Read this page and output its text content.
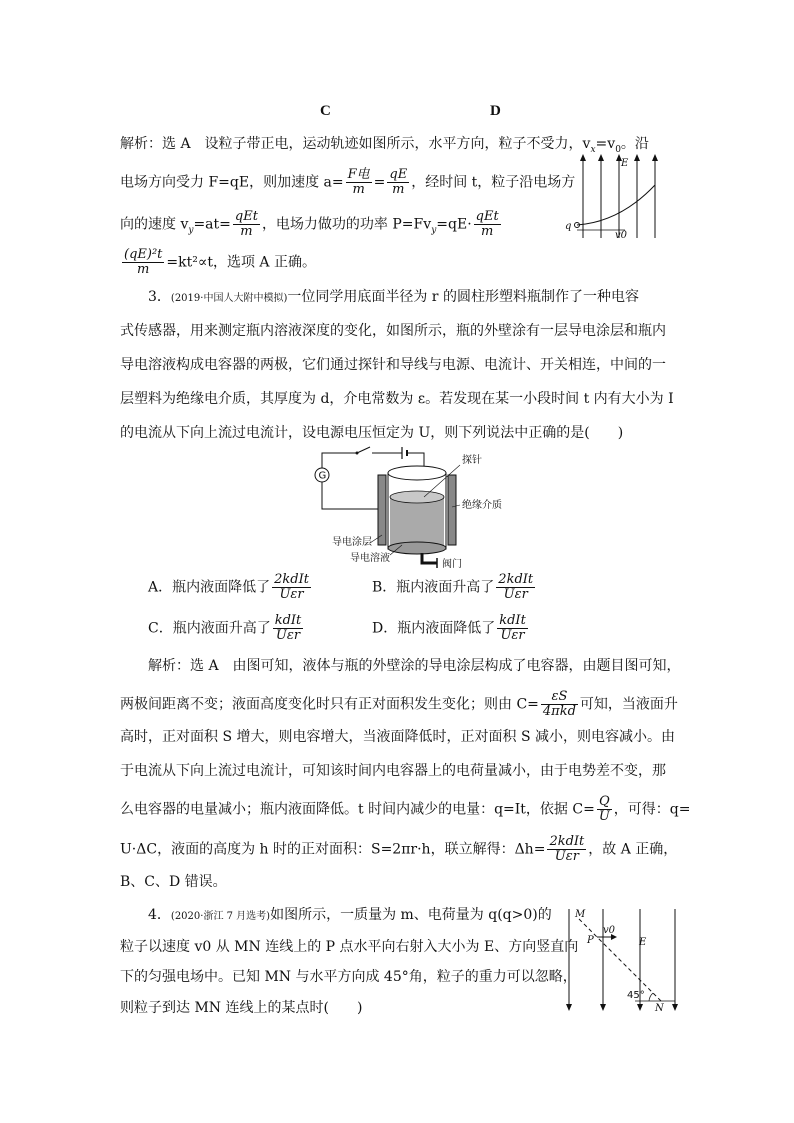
C	D
解析：选 A　设粒子带正电，运动轨迹如图所示，水平方向，粒子不受力，$v_x=v_0$。沿
电场方向受力 F=qE，则加速度 $a= \frac{\text{F电}}{m} = \frac{qE}{m}$ ，经时间 t，粒子沿电场方
向的速度 $v_y=at= \frac{\text{qEt}}{m}$ ，电场力做功的功率 $P=Fv_y=qE\cdot \frac{\text{qEt}}{m}$
$\frac{\text{(qE)²t}}{m} =kt^2\propto t$，选项 A 正确。
E
q
v0
3．(2019·中国人大附中模拟)一位同学用底面半径为 r 的圆柱形塑料瓶制作了一种电容
式传感器，用来测定瓶内溶液深度的变化，如图所示，瓶的外壁涂有一层导电涂层和瓶内
导电溶液构成电容器的两极，它们通过探针和导线与电源、电流计、开关相连，中间的一
层塑料为绝缘电介质，其厚度为 d，介电常数为 ε。若发现在某一小段时间 t 内有大小为 I
的电流从下向上流过电流计，设电源电压恒定为 U，则下列说法中正确的是(　　)
G
探针
绝缘介质
导电涂层
导电溶液
阀门
A．瓶内液面降低了 $\frac{\text{2kdIt}}{\text{Uεr}}$	B．瓶内液面升高了 $\frac{\text{2kdIt}}{\text{Uεr}}$
C．瓶内液面升高了 $\frac{\text{kdIt}}{\text{Uεr}}$	D．瓶内液面降低了 $\frac{\text{kdIt}}{\text{Uεr}}$
解析：选 A　由图可知，液体与瓶的外壁涂的导电涂层构成了电容器，由题目图可知，
两极间距离不变；液面高度变化时只有正对面积发生变化；则由 $C= \frac{\varepsilon S}{\text{4πkd}}$ 可知，当液面升
高时，正对面积 S 增大，则电容增大，当液面降低时，正对面积 S 减小，则电容减小。由
于电流从下向上流过电流计，可知该时间内电容器上的电荷量减小，由于电势差不变，那
么电容器的电量减小；瓶内液面降低。t 时间内减少的电量：q=It，依据 $C= \frac{Q}{U}$ ，可得：q=
U·ΔC，液面的高度为 h 时的正对面积：S=2πr·h，联立解得：$\Delta h= \frac{\text{2kdIt}}{\text{Uεr}}$ ，故 A 正确，
B、C、D 错误。
4．(2020·浙江 7 月选考)如图所示，一质量为 m、电荷量为 q(q>0)的
粒子以速度 v0 从 MN 连线上的 P 点水平向右射入大小为 E、方向竖直向
下的匀强电场中。已知 MN 与水平方向成 45°角，粒子的重力可以忽略，
则粒子到达 MN 连线上的某点时(　　)
M
P
v0
E
N
45°
